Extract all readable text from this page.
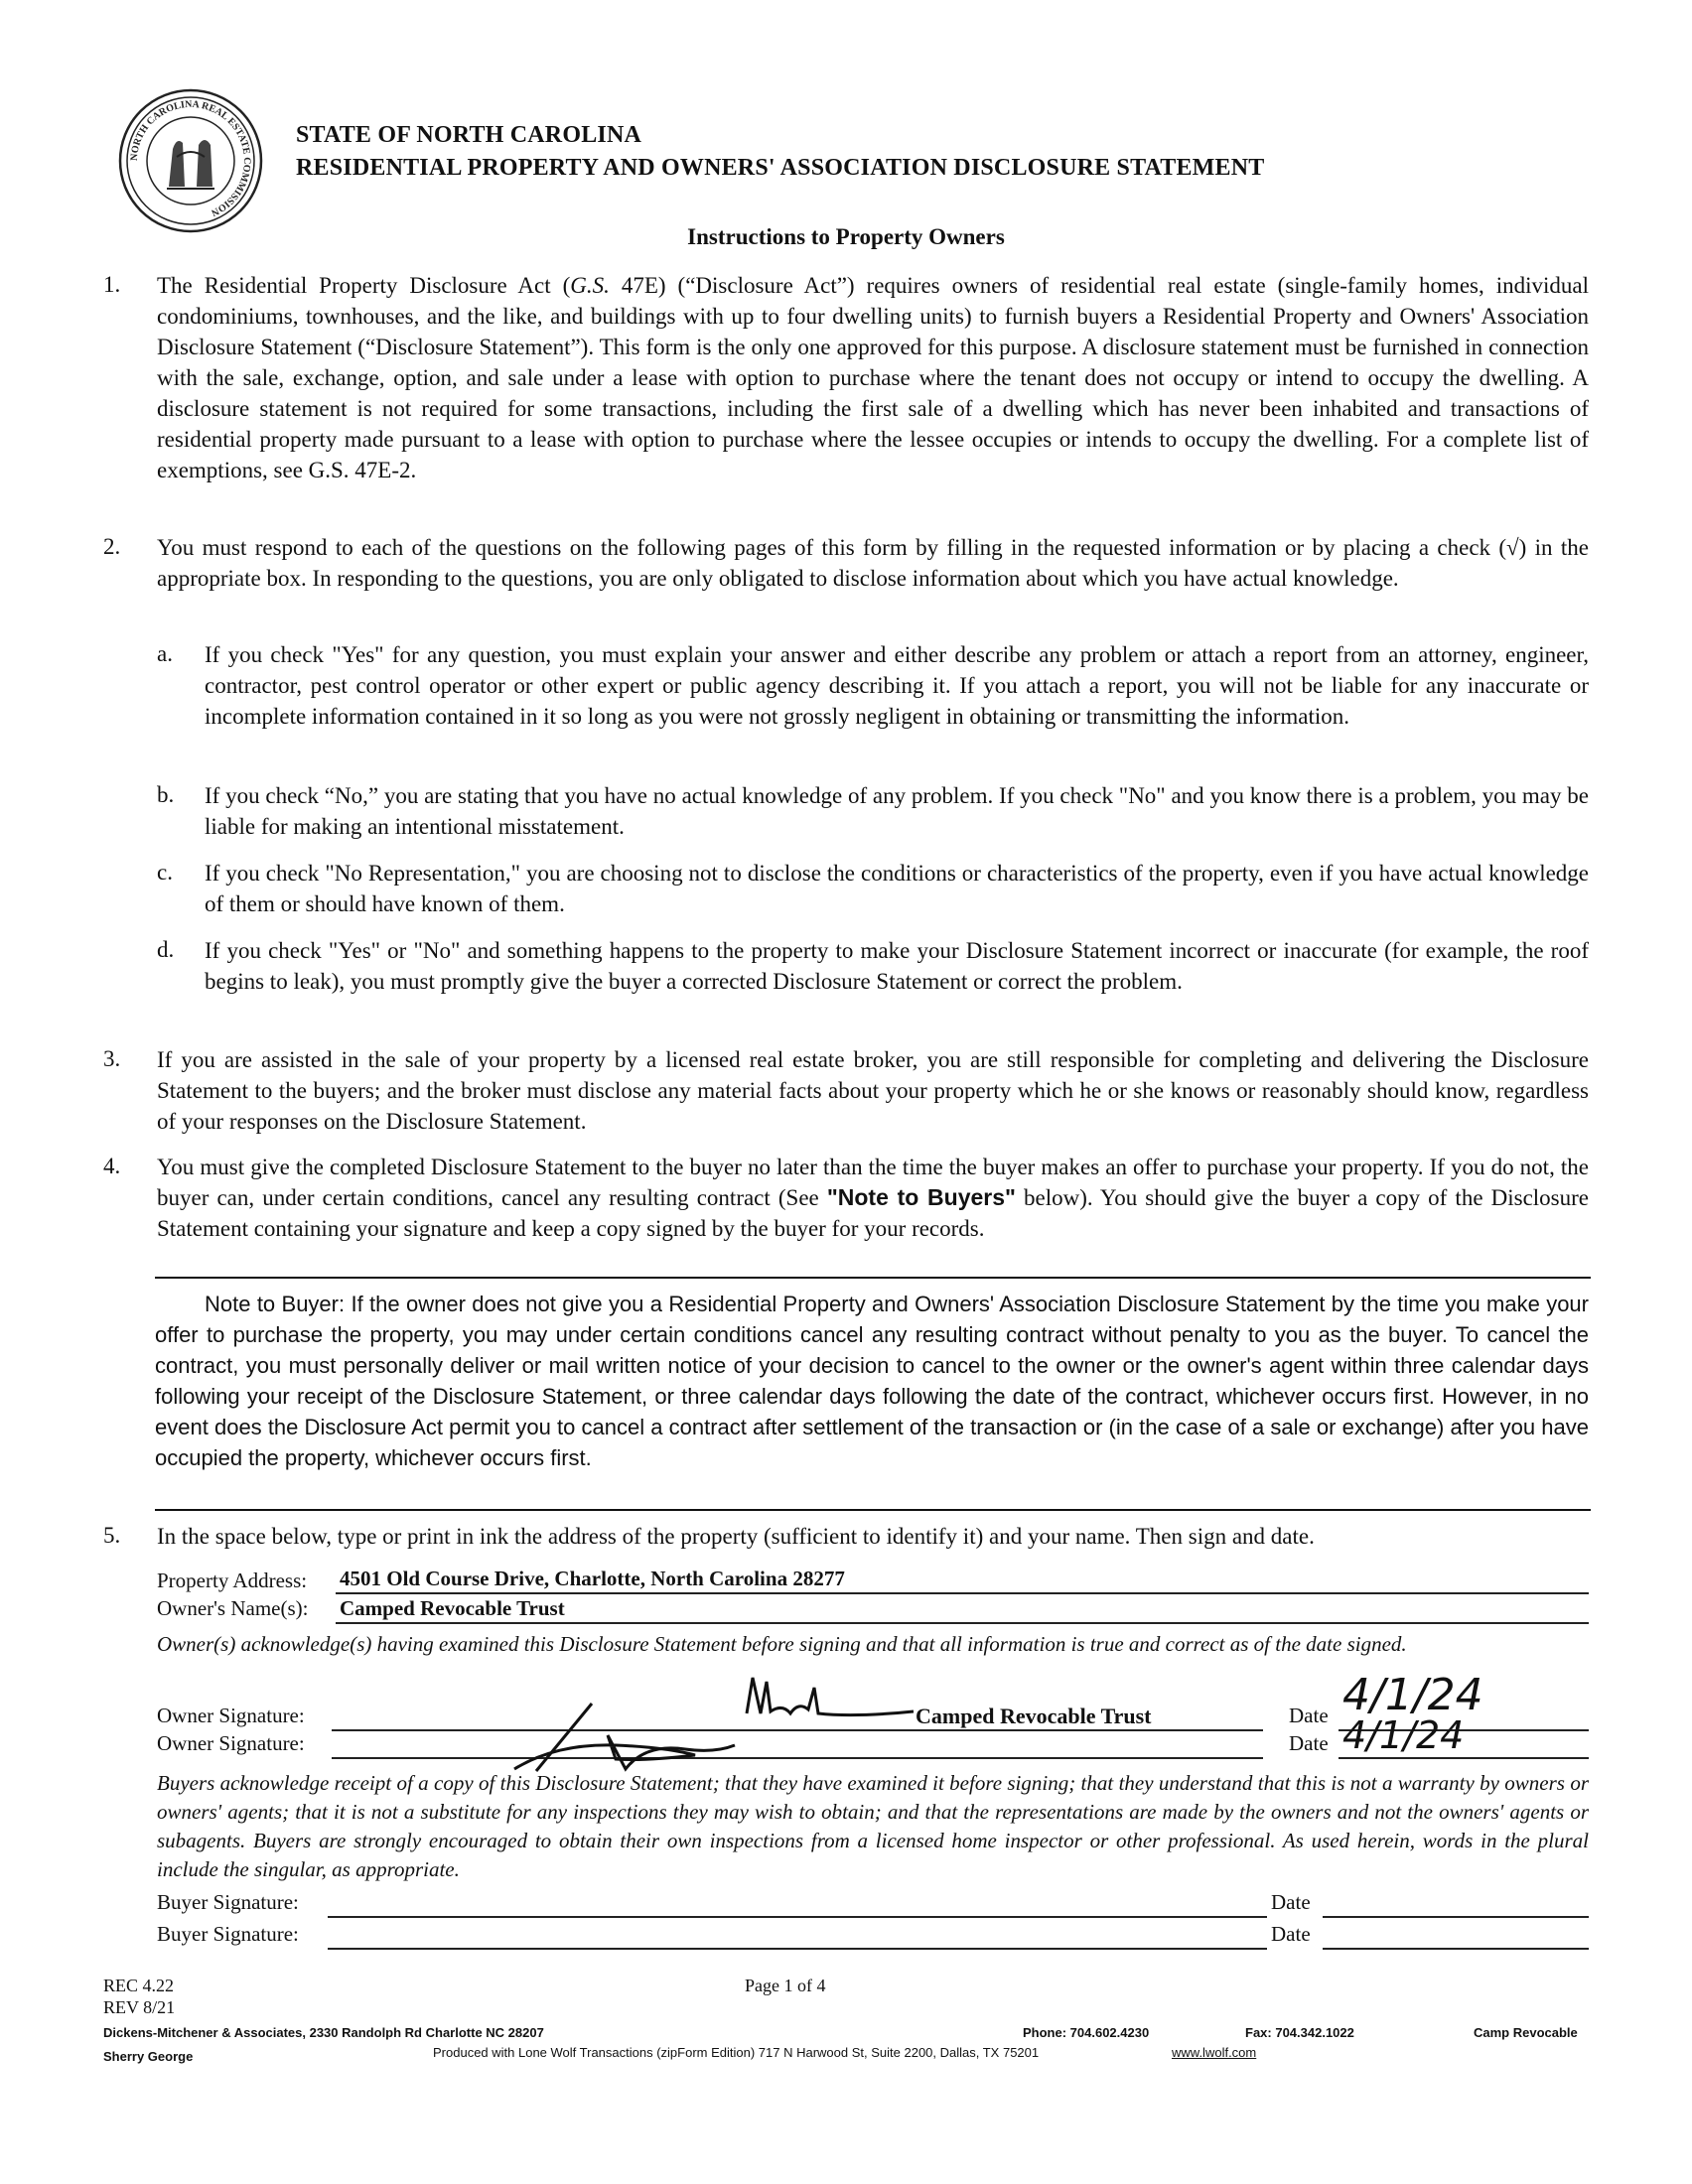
NORTH CAROLINA REAL ESTATE COMMISSION
STATE OF NORTH CAROLINA
RESIDENTIAL PROPERTY AND OWNERS' ASSOCIATION DISCLOSURE STATEMENT
Instructions to Property Owners
1. The Residential Property Disclosure Act (G.S. 47E) (“Disclosure Act”) requires owners of residential real estate (single-family homes, individual condominiums, townhouses, and the like, and buildings with up to four dwelling units) to furnish buyers a Residential Property and Owners' Association Disclosure Statement (“Disclosure Statement”). This form is the only one approved for this purpose. A disclosure statement must be furnished in connection with the sale, exchange, option, and sale under a lease with option to purchase where the tenant does not occupy or intend to occupy the dwelling. A disclosure statement is not required for some transactions, including the first sale of a dwelling which has never been inhabited and transactions of residential property made pursuant to a lease with option to purchase where the lessee occupies or intends to occupy the dwelling. For a complete list of exemptions, see G.S. 47E-2.
2. You must respond to each of the questions on the following pages of this form by filling in the requested information or by placing a check (√) in the appropriate box. In responding to the questions, you are only obligated to disclose information about which you have actual knowledge.
a. If you check "Yes" for any question, you must explain your answer and either describe any problem or attach a report from an attorney, engineer, contractor, pest control operator or other expert or public agency describing it. If you attach a report, you will not be liable for any inaccurate or incomplete information contained in it so long as you were not grossly negligent in obtaining or transmitting the information.
b. If you check “No,” you are stating that you have no actual knowledge of any problem. If you check "No" and you know there is a problem, you may be liable for making an intentional misstatement.
c. If you check "No Representation," you are choosing not to disclose the conditions or characteristics of the property, even if you have actual knowledge of them or should have known of them.
d. If you check "Yes" or "No" and something happens to the property to make your Disclosure Statement incorrect or inaccurate (for example, the roof begins to leak), you must promptly give the buyer a corrected Disclosure Statement or correct the problem.
3. If you are assisted in the sale of your property by a licensed real estate broker, you are still responsible for completing and delivering the Disclosure Statement to the buyers; and the broker must disclose any material facts about your property which he or she knows or reasonably should know, regardless of your responses on the Disclosure Statement.
4. You must give the completed Disclosure Statement to the buyer no later than the time the buyer makes an offer to purchase your property. If you do not, the buyer can, under certain conditions, cancel any resulting contract (See "Note to Buyers" below). You should give the buyer a copy of the Disclosure Statement containing your signature and keep a copy signed by the buyer for your records.
Note to Buyer: If the owner does not give you a Residential Property and Owners' Association Disclosure Statement by the time you make your offer to purchase the property, you may under certain conditions cancel any resulting contract without penalty to you as the buyer. To cancel the contract, you must personally deliver or mail written notice of your decision to cancel to the owner or the owner's agent within three calendar days following your receipt of the Disclosure Statement, or three calendar days following the date of the contract, whichever occurs first. However, in no event does the Disclosure Act permit you to cancel a contract after settlement of the transaction or (in the case of a sale or exchange) after you have occupied the property, whichever occurs first.
5. In the space below, type or print in ink the address of the property (sufficient to identify it) and your name. Then sign and date.
Property Address: 4501 Old Course Drive, Charlotte, North Carolina 28277
Owner's Name(s): Camped Revocable Trust
Owner(s) acknowledge(s) having examined this Disclosure Statement before signing and that all information is true and correct as of the date signed.
Owner Signature:	Camped Revocable Trust	Date 4/1/24
Owner Signature:	Date 4/1/24
Buyers acknowledge receipt of a copy of this Disclosure Statement; that they have examined it before signing; that they understand that this is not a warranty by owners or owners' agents; that it is not a substitute for any inspections they may wish to obtain; and that the representations are made by the owners and not the owners' agents or subagents. Buyers are strongly encouraged to obtain their own inspections from a licensed home inspector or other professional. As used herein, words in the plural include the singular, as appropriate.
Buyer Signature:	Date
Buyer Signature:	Date
REC 4.22
REV 8/21
Page 1 of 4
Dickens-Mitchener & Associates, 2330 Randolph Rd Charlotte NC 28207	Phone: 704.602.4230	Fax: 704.342.1022	Camp Revocable
Sherry George	Produced with Lone Wolf Transactions (zipForm Edition) 717 N Harwood St, Suite 2200, Dallas, TX 75201	www.lwolf.com
